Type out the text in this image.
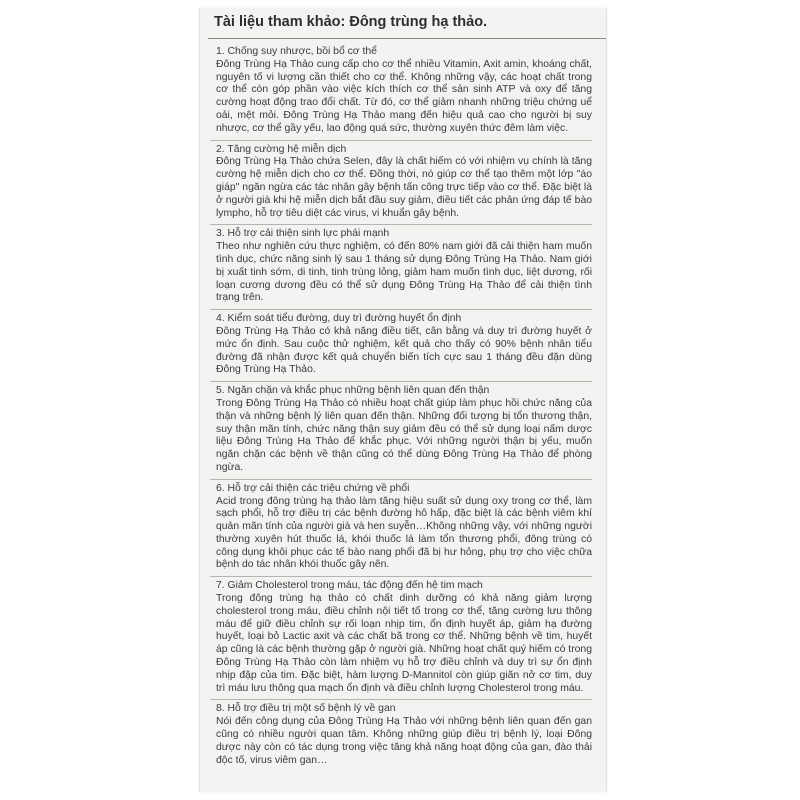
Tài liệu tham khảo: Đông trùng hạ thảo.

1. Chống suy nhược, bồi bổ cơ thể

Đông Trùng Hạ Thảo cung cấp cho cơ thể nhiều Vitamin, Axit amin, khoáng chất, nguyên tố vi lượng cần thiết cho cơ thể. Không những vậy, các hoạt chất trong cơ thể còn góp phần vào việc kích thích cơ thể sản sinh ATP và oxy để tăng cường hoạt động trao đổi chất. Từ đó, cơ thể giảm nhanh những triệu chứng uể oải, mệt mỏi. Đông Trùng Hạ Thảo mang đến hiệu quả cao cho người bị suy nhược, cơ thể gầy yếu, lao động quá sức, thường xuyên thức đêm làm việc.

2. Tăng cường hệ miễn dịch

Đông Trùng Hạ Thảo chứa Selen, đây là chất hiếm có với nhiệm vụ chính là tăng cường hệ miễn dịch cho cơ thể. Đồng thời, nó giúp cơ thể tạo thêm một lớp "áo giáp" ngăn ngừa các tác nhân gây bệnh tấn công trực tiếp vào cơ thể. Đặc biệt là ở người già khi hệ miễn dịch bắt đầu suy giảm, điều tiết các phản ứng đáp tế bào lympho, hỗ trợ tiêu diệt các virus, vi khuẩn gây bệnh.

3. Hỗ trợ cải thiện sinh lực phái mạnh

Theo như nghiên cứu thực nghiệm, có đến 80% nam giới đã cải thiện ham muốn tình dục, chức năng sinh lý sau 1 tháng sử dụng Đông Trùng Hạ Thảo. Nam giới bị xuất tinh sớm, di tinh, tinh trùng lỏng, giảm ham muốn tình dục, liệt dương, rối loạn cương dương đều có thể sử dụng Đông Trùng Hạ Thảo để cải thiện tình trạng trên.

4. Kiểm soát tiểu đường, duy trì đường huyết ổn định

Đông Trùng Hạ Thảo có khả năng điều tiết, cân bằng và duy trì đường huyết ở mức ổn định. Sau cuộc thử nghiệm, kết quả cho thấy có 90% bệnh nhân tiểu đường đã nhận được kết quả chuyển biến tích cực sau 1 tháng đều đặn dùng Đông Trùng Hạ Thảo.

5. Ngăn chặn và khắc phục những bệnh liên quan đến thận

Trong Đông Trùng Hạ Thảo có nhiều hoạt chất giúp làm phục hồi chức năng của thận và những bệnh lý liên quan đến thận. Những đối tượng bị tổn thương thận, suy thận mãn tính, chức năng thận suy giảm đều có thể sử dụng loại nấm dược liệu Đông Trùng Hạ Thảo để khắc phục. Với những người thận bị yếu, muốn ngăn chặn các bệnh về thận cũng có thể dùng Đông Trùng Hạ Thảo để phòng ngừa.

6. Hỗ trợ cải thiện các triệu chứng về phổi

Acid trong đông trùng hạ thảo làm tăng hiệu suất sử dụng oxy trong cơ thể, làm sạch phổi, hỗ trợ điều trị các bệnh đường hô hấp, đặc biệt là các bệnh viêm khí quản mãn tính của người già và hen suyễn…Không những vậy, với những người thường xuyên hút thuốc lá, khói thuốc lá làm tổn thương phổi, đông trùng có công dụng khôi phục các tế bào nang phổi đã bị hư hỏng, phụ trợ cho việc chữa bệnh do tác nhân khói thuốc gây nên.

7. Giảm Cholesterol trong máu, tác động đến hệ tim mạch

Trong đông trùng hạ thảo có chất dinh dưỡng có khả năng giảm lượng cholesterol trong máu, điều chỉnh nội tiết tố trong cơ thể, tăng cường lưu thông máu để giữ điều chỉnh sự rối loạn nhịp tim, ổn định huyết áp, giảm hạ đường huyết, loại bỏ Lactic axit và các chất bã trong cơ thể. Những bệnh về tim, huyết áp cũng là các bệnh thường gặp ở người già. Những hoạt chất quý hiếm có trong Đông Trùng Hạ Thảo còn làm nhiệm vụ hỗ trợ điều chỉnh và duy trì sự ổn định nhịp đập của tim. Đặc biệt, hàm lượng D-Mannitol còn giúp giãn nở cơ tim, duy trì máu lưu thông qua mạch ổn định và điều chỉnh lượng Cholesterol trong máu.

8. Hỗ trợ điều trị một số bệnh lý về gan

Nói đến công dụng của Đông Trùng Hạ Thảo với những bệnh liên quan đến gan cũng có nhiều người quan tâm. Không những giúp điều trị bệnh lý, loại Đông dược này còn có tác dụng trong việc tăng khả năng hoạt động của gan, đào thải độc tố, virus viêm gan…
